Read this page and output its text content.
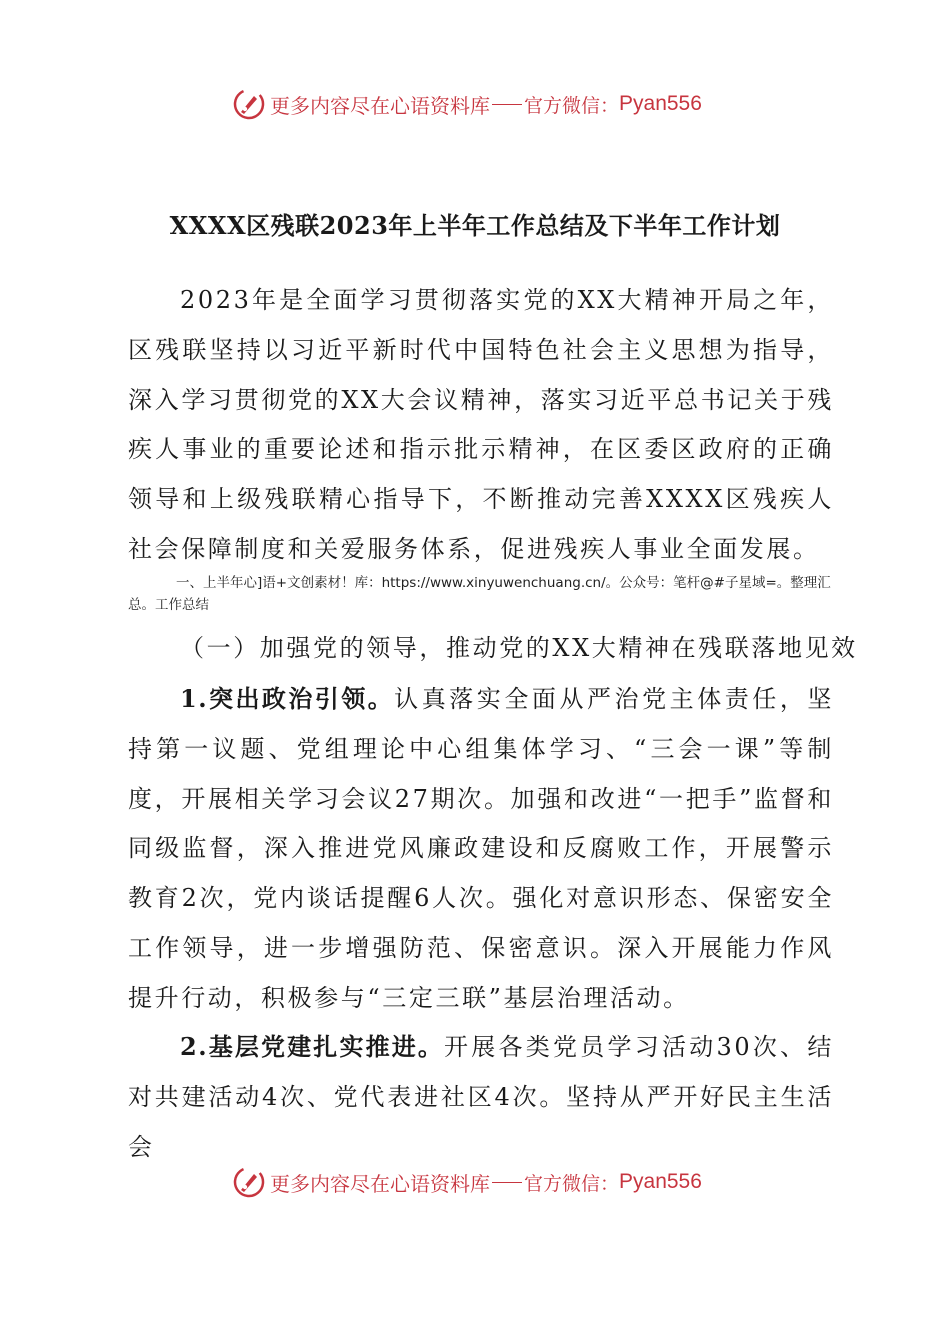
更多内容尽在心语资料库 官方微信： Pyan556
XXXX区残联2023年上半年工作总结及下半年工作计划

2023年是全面学习贯彻落实党的XX大精神开局之年，区残联坚持以习近平新时代中国特色社会主义思想为指导，深入学习贯彻党的XX大会议精神，落实习近平总书记关于残疾人事业的重要论述和指示批示精神，在区委区政府的正确领导和上级残联精心指导下，不断推动完善XXXX区残疾人社会保障制度和关爱服务体系，促进残疾人事业全面发展。

一、上半年心]语+文创素材！库：https://www.xinyuwenchuang.cn/。公众号：笔杆@#子星域=。整理汇总。工作总结

（一）加强党的领导，推动党的XX大精神在残联落地见效

1.突出政治引领。认真落实全面从严治党主体责任，坚持第一议题、党组理论中心组集体学习、“三会一课”等制度，开展相关学习会议27期次。加强和改进“一把手”监督和同级监督，深入推进党风廉政建设和反腐败工作，开展警示教育2次，党内谈话提醒6人次。强化对意识形态、保密安全工作领导，进一步增强防范、保密意识。深入开展能力作风提升行动，积极参与“三定三联”基层治理活动。

2.基层党建扎实推进。开展各类党员学习活动30次、结对共建活动4次、党代表进社区4次。坚持从严开好民主生活会

更多内容尽在心语资料库 官方微信： Pyan556
